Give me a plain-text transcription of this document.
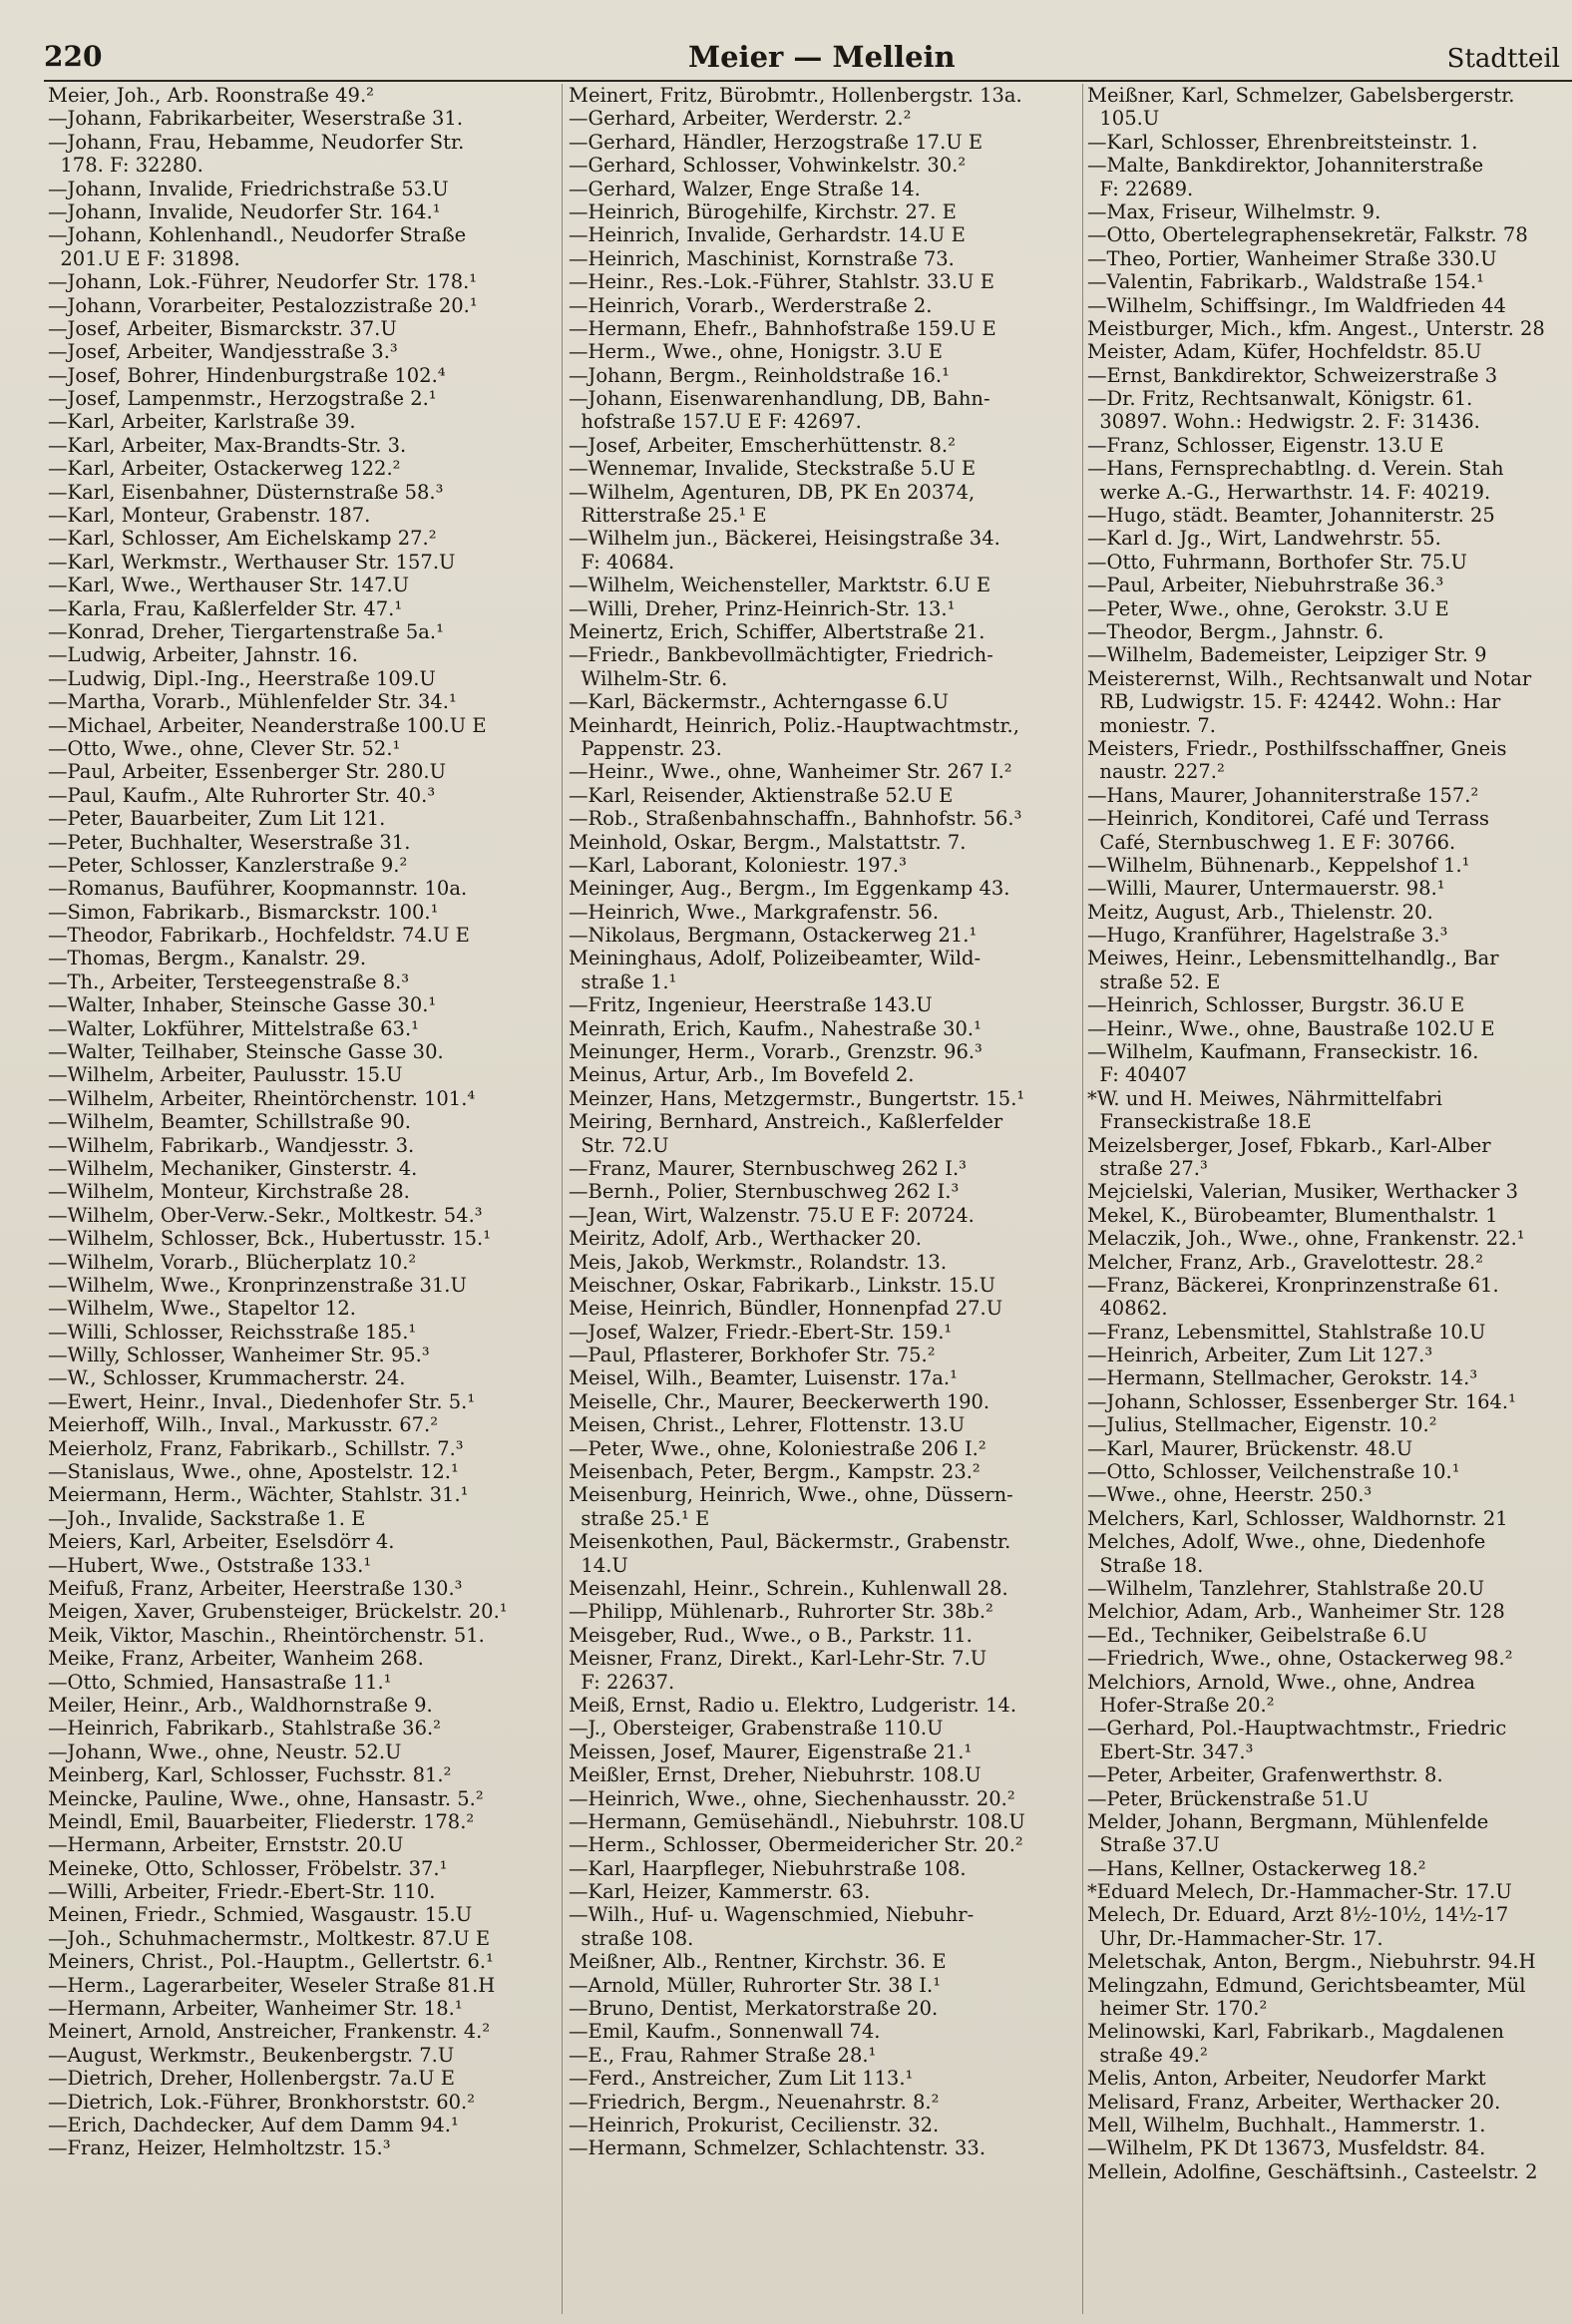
220	Meier — Mellein	Stadtteil
Meier, Joh., Arb. Roonstraße 49.²
—Johann, Fabrikarbeiter, Weserstraße 31.
—Johann, Frau, Hebamme, Neudorfer Str.
178. F: 32280.
—Johann, Invalide, Friedrichstraße 53.U
—Johann, Invalide, Neudorfer Str. 164.¹
—Johann, Kohlenhandl., Neudorfer Straße
201.U E F: 31898.
—Johann, Lok.-Führer, Neudorfer Str. 178.¹
—Johann, Vorarbeiter, Pestalozzistraße 20.¹
—Josef, Arbeiter, Bismarckstr. 37.U
—Josef, Arbeiter, Wandjesstraße 3.³
—Josef, Bohrer, Hindenburgstraße 102.⁴
—Josef, Lampenmstr., Herzogstraße 2.¹
—Karl, Arbeiter, Karlstraße 39.
—Karl, Arbeiter, Max-Brandts-Str. 3.
—Karl, Arbeiter, Ostackerweg 122.²
—Karl, Eisenbahner, Düsternstraße 58.³
—Karl, Monteur, Grabenstr. 187.
—Karl, Schlosser, Am Eichelskamp 27.²
—Karl, Werkmstr., Werthauser Str. 157.U
—Karl, Wwe., Werthauser Str. 147.U
—Karla, Frau, Kaßlerfelder Str. 47.¹
—Konrad, Dreher, Tiergartenstraße 5a.¹
—Ludwig, Arbeiter, Jahnstr. 16.
—Ludwig, Dipl.-Ing., Heerstraße 109.U
—Martha, Vorarb., Mühlenfelder Str. 34.¹
—Michael, Arbeiter, Neanderstraße 100.U E
—Otto, Wwe., ohne, Clever Str. 52.¹
—Paul, Arbeiter, Essenberger Str. 280.U
—Paul, Kaufm., Alte Ruhrorter Str. 40.³
—Peter, Bauarbeiter, Zum Lit 121.
—Peter, Buchhalter, Weserstraße 31.
—Peter, Schlosser, Kanzlerstraße 9.²
—Romanus, Bauführer, Koopmannstr. 10a.
—Simon, Fabrikarb., Bismarckstr. 100.¹
—Theodor, Fabrikarb., Hochfeldstr. 74.U E
—Thomas, Bergm., Kanalstr. 29.
—Th., Arbeiter, Tersteegenstraße 8.³
—Walter, Inhaber, Steinsche Gasse 30.¹
—Walter, Lokführer, Mittelstraße 63.¹
—Walter, Teilhaber, Steinsche Gasse 30.
—Wilhelm, Arbeiter, Paulusstr. 15.U
—Wilhelm, Arbeiter, Rheintörchenstr. 101.⁴
—Wilhelm, Beamter, Schillstraße 90.
—Wilhelm, Fabrikarb., Wandjesstr. 3.
—Wilhelm, Mechaniker, Ginsterstr. 4.
—Wilhelm, Monteur, Kirchstraße 28.
—Wilhelm, Ober-Verw.-Sekr., Moltkestr. 54.³
—Wilhelm, Schlosser, Bck., Hubertusstr. 15.¹
—Wilhelm, Vorarb., Blücherplatz 10.²
—Wilhelm, Wwe., Kronprinzenstraße 31.U
—Wilhelm, Wwe., Stapeltor 12.
—Willi, Schlosser, Reichsstraße 185.¹
—Willy, Schlosser, Wanheimer Str. 95.³
—W., Schlosser, Krummacherstr. 24.
—Ewert, Heinr., Inval., Diedenhofer Str. 5.¹
Meierhoff, Wilh., Inval., Markusstr. 67.²
Meierholz, Franz, Fabrikarb., Schillstr. 7.³
—Stanislaus, Wwe., ohne, Apostelstr. 12.¹
Meiermann, Herm., Wächter, Stahlstr. 31.¹
—Joh., Invalide, Sackstraße 1. E
Meiers, Karl, Arbeiter, Eselsdörr 4.
—Hubert, Wwe., Oststraße 133.¹
Meifuß, Franz, Arbeiter, Heerstraße 130.³
Meigen, Xaver, Grubensteiger, Brückelstr. 20.¹
Meik, Viktor, Maschin., Rheintörchenstr. 51.
Meike, Franz, Arbeiter, Wanheim 268.
—Otto, Schmied, Hansastraße 11.¹
Meiler, Heinr., Arb., Waldhornstraße 9.
—Heinrich, Fabrikarb., Stahlstraße 36.²
—Johann, Wwe., ohne, Neustr. 52.U
Meinberg, Karl, Schlosser, Fuchsstr. 81.²
Meincke, Pauline, Wwe., ohne, Hansastr. 5.²
Meindl, Emil, Bauarbeiter, Fliederstr. 178.²
—Hermann, Arbeiter, Ernststr. 20.U
Meineke, Otto, Schlosser, Fröbelstr. 37.¹
—Willi, Arbeiter, Friedr.-Ebert-Str. 110.
Meinen, Friedr., Schmied, Wasgaustr. 15.U
—Joh., Schuhmachermstr., Moltkestr. 87.U E
Meiners, Christ., Pol.-Hauptm., Gellertstr. 6.¹
—Herm., Lagerarbeiter, Weseler Straße 81.H
—Hermann, Arbeiter, Wanheimer Str. 18.¹
Meinert, Arnold, Anstreicher, Frankenstr. 4.²
—August, Werkmstr., Beukenbergstr. 7.U
—Dietrich, Dreher, Hollenbergstr. 7a.U E
—Dietrich, Lok.-Führer, Bronkhorststr. 60.²
—Erich, Dachdecker, Auf dem Damm 94.¹
—Franz, Heizer, Helmholtzstr. 15.³
Meinert, Fritz, Bürobmtr., Hollenbergstr. 13a.
—Gerhard, Arbeiter, Werderstr. 2.²
—Gerhard, Händler, Herzogstraße 17.U E
—Gerhard, Schlosser, Vohwinkelstr. 30.²
—Gerhard, Walzer, Enge Straße 14.
—Heinrich, Bürogehilfe, Kirchstr. 27. E
—Heinrich, Invalide, Gerhardstr. 14.U E
—Heinrich, Maschinist, Kornstraße 73.
—Heinr., Res.-Lok.-Führer, Stahlstr. 33.U E
—Heinrich, Vorarb., Werderstraße 2.
—Hermann, Ehefr., Bahnhofstraße 159.U E
—Herm., Wwe., ohne, Honigstr. 3.U E
—Johann, Bergm., Reinholdstraße 16.¹
—Johann, Eisenwarenhandlung, DB, Bahn-
hofstraße 157.U E F: 42697.
—Josef, Arbeiter, Emscherhüttenstr. 8.²
—Wennemar, Invalide, Steckstraße 5.U E
—Wilhelm, Agenturen, DB, PK En 20374,
Ritterstraße 25.¹ E
—Wilhelm jun., Bäckerei, Heisingstraße 34.
F: 40684.
—Wilhelm, Weichensteller, Marktstr. 6.U E
—Willi, Dreher, Prinz-Heinrich-Str. 13.¹
Meinertz, Erich, Schiffer, Albertstraße 21.
—Friedr., Bankbevollmächtigter, Friedrich-
Wilhelm-Str. 6.
—Karl, Bäckermstr., Achterngasse 6.U
Meinhardt, Heinrich, Poliz.-Hauptwachtmstr.,
Pappenstr. 23.
—Heinr., Wwe., ohne, Wanheimer Str. 267 I.²
—Karl, Reisender, Aktienstraße 52.U E
—Rob., Straßenbahnschaffn., Bahnhofstr. 56.³
Meinhold, Oskar, Bergm., Malstattstr. 7.
—Karl, Laborant, Koloniestr. 197.³
Meininger, Aug., Bergm., Im Eggenkamp 43.
—Heinrich, Wwe., Markgrafenstr. 56.
—Nikolaus, Bergmann, Ostackerweg 21.¹
Meininghaus, Adolf, Polizeibeamter, Wild-
straße 1.¹
—Fritz, Ingenieur, Heerstraße 143.U
Meinrath, Erich, Kaufm., Nahestraße 30.¹
Meinunger, Herm., Vorarb., Grenzstr. 96.³
Meinus, Artur, Arb., Im Bovefeld 2.
Meinzer, Hans, Metzgermstr., Bungertstr. 15.¹
Meiring, Bernhard, Anstreich., Kaßlerfelder
Str. 72.U
—Franz, Maurer, Sternbuschweg 262 I.³
—Bernh., Polier, Sternbuschweg 262 I.³
—Jean, Wirt, Walzenstr. 75.U E F: 20724.
Meiritz, Adolf, Arb., Werthacker 20.
Meis, Jakob, Werkmstr., Rolandstr. 13.
Meischner, Oskar, Fabrikarb., Linkstr. 15.U
Meise, Heinrich, Bündler, Honnenpfad 27.U
—Josef, Walzer, Friedr.-Ebert-Str. 159.¹
—Paul, Pflasterer, Borkhofer Str. 75.²
Meisel, Wilh., Beamter, Luisenstr. 17a.¹
Meiselle, Chr., Maurer, Beeckerwerth 190.
Meisen, Christ., Lehrer, Flottenstr. 13.U
—Peter, Wwe., ohne, Koloniestraße 206 I.²
Meisenbach, Peter, Bergm., Kampstr. 23.²
Meisenburg, Heinrich, Wwe., ohne, Düssern-
straße 25.¹ E
Meisenkothen, Paul, Bäckermstr., Grabenstr.
14.U
Meisenzahl, Heinr., Schrein., Kuhlenwall 28.
—Philipp, Mühlenarb., Ruhrorter Str. 38b.²
Meisgeber, Rud., Wwe., o B., Parkstr. 11.
Meisner, Franz, Direkt., Karl-Lehr-Str. 7.U
F: 22637.
Meiß, Ernst, Radio u. Elektro, Ludgeristr. 14.
—J., Obersteiger, Grabenstraße 110.U
Meissen, Josef, Maurer, Eigenstraße 21.¹
Meißler, Ernst, Dreher, Niebuhrstr. 108.U
—Heinrich, Wwe., ohne, Siechenhausstr. 20.²
—Hermann, Gemüsehändl., Niebuhrstr. 108.U
—Herm., Schlosser, Obermeidericher Str. 20.²
—Karl, Haarpfleger, Niebuhrstraße 108.
—Karl, Heizer, Kammerstr. 63.
—Wilh., Huf- u. Wagenschmied, Niebuhr-
straße 108.
Meißner, Alb., Rentner, Kirchstr. 36. E
—Arnold, Müller, Ruhrorter Str. 38 I.¹
—Bruno, Dentist, Merkatorstraße 20.
—Emil, Kaufm., Sonnenwall 74.
—E., Frau, Rahmer Straße 28.¹
—Ferd., Anstreicher, Zum Lit 113.¹
—Friedrich, Bergm., Neuenahrstr. 8.²
—Heinrich, Prokurist, Cecilienstr. 32.
—Hermann, Schmelzer, Schlachtenstr. 33.
Meißner, Karl, Schmelzer, Gabelsbergerstr.
105.U
—Karl, Schlosser, Ehrenbreitsteinstr. 1.
—Malte, Bankdirektor, Johanniterstraße
F: 22689.
—Max, Friseur, Wilhelmstr. 9.
—Otto, Obertelegraphensekretär, Falkstr. 78
—Theo, Portier, Wanheimer Straße 330.U
—Valentin, Fabrikarb., Waldstraße 154.¹
—Wilhelm, Schiffsingr., Im Waldfrieden 44
Meistburger, Mich., kfm. Angest., Unterstr. 28
Meister, Adam, Küfer, Hochfeldstr. 85.U
—Ernst, Bankdirektor, Schweizerstraße 3
—Dr. Fritz, Rechtsanwalt, Königstr. 61.
30897. Wohn.: Hedwigstr. 2. F: 31436.
—Franz, Schlosser, Eigenstr. 13.U E
—Hans, Fernsprechabtlng. d. Verein. Stah
werke A.-G., Herwarthstr. 14. F: 40219.
—Hugo, städt. Beamter, Johanniterstr. 25
—Karl d. Jg., Wirt, Landwehrstr. 55.
—Otto, Fuhrmann, Borthofer Str. 75.U
—Paul, Arbeiter, Niebuhrstraße 36.³
—Peter, Wwe., ohne, Gerokstr. 3.U E
—Theodor, Bergm., Jahnstr. 6.
—Wilhelm, Bademeister, Leipziger Str. 9
Meisterernst, Wilh., Rechtsanwalt und Notar
RB, Ludwigstr. 15. F: 42442. Wohn.: Har
moniestr. 7.
Meisters, Friedr., Posthilfsschaffner, Gneis
naustr. 227.²
—Hans, Maurer, Johanniterstraße 157.²
—Heinrich, Konditorei, Café und Terrass
Café, Sternbuschweg 1. E F: 30766.
—Wilhelm, Bühnenarb., Keppelshof 1.¹
—Willi, Maurer, Untermauerstr. 98.¹
Meitz, August, Arb., Thielenstr. 20.
—Hugo, Kranführer, Hagelstraße 3.³
Meiwes, Heinr., Lebensmittelhandlg., Bar
straße 52. E
—Heinrich, Schlosser, Burgstr. 36.U E
—Heinr., Wwe., ohne, Baustraße 102.U E
—Wilhelm, Kaufmann, Franseckistr. 16.
F: 40407
*W. und H. Meiwes, Nährmittelfabri
Franseckistraße 18.E
Meizelsberger, Josef, Fbkarb., Karl-Alber
straße 27.³
Mejcielski, Valerian, Musiker, Werthacker 3
Mekel, K., Bürobeamter, Blumenthalstr. 1
Melaczik, Joh., Wwe., ohne, Frankenstr. 22.¹
Melcher, Franz, Arb., Gravelottestr. 28.²
—Franz, Bäckerei, Kronprinzenstraße 61.
40862.
—Franz, Lebensmittel, Stahlstraße 10.U
—Heinrich, Arbeiter, Zum Lit 127.³
—Hermann, Stellmacher, Gerokstr. 14.³
—Johann, Schlosser, Essenberger Str. 164.¹
—Julius, Stellmacher, Eigenstr. 10.²
—Karl, Maurer, Brückenstr. 48.U
—Otto, Schlosser, Veilchenstraße 10.¹
—Wwe., ohne, Heerstr. 250.³
Melchers, Karl, Schlosser, Waldhornstr. 21
Melches, Adolf, Wwe., ohne, Diedenhofe
Straße 18.
—Wilhelm, Tanzlehrer, Stahlstraße 20.U
Melchior, Adam, Arb., Wanheimer Str. 128
—Ed., Techniker, Geibelstraße 6.U
—Friedrich, Wwe., ohne, Ostackerweg 98.²
Melchiors, Arnold, Wwe., ohne, Andrea
Hofer-Straße 20.²
—Gerhard, Pol.-Hauptwachtmstr., Friedric
Ebert-Str. 347.³
—Peter, Arbeiter, Grafenwerthstr. 8.
—Peter, Brückenstraße 51.U
Melder, Johann, Bergmann, Mühlenfelde
Straße 37.U
—Hans, Kellner, Ostackerweg 18.²
*Eduard Melech, Dr.-Hammacher-Str. 17.U
Melech, Dr. Eduard, Arzt 8½-10½, 14½-17
Uhr, Dr.-Hammacher-Str. 17.
Meletschak, Anton, Bergm., Niebuhrstr. 94.H
Melingzahn, Edmund, Gerichtsbeamter, Mül
heimer Str. 170.²
Melinowski, Karl, Fabrikarb., Magdalenen
straße 49.²
Melis, Anton, Arbeiter, Neudorfer Markt
Melisard, Franz, Arbeiter, Werthacker 20.
Mell, Wilhelm, Buchhalt., Hammerstr. 1.
—Wilhelm, PK Dt 13673, Musfeldstr. 84.
Mellein, Adolfine, Geschäftsinh., Casteelstr. 2
